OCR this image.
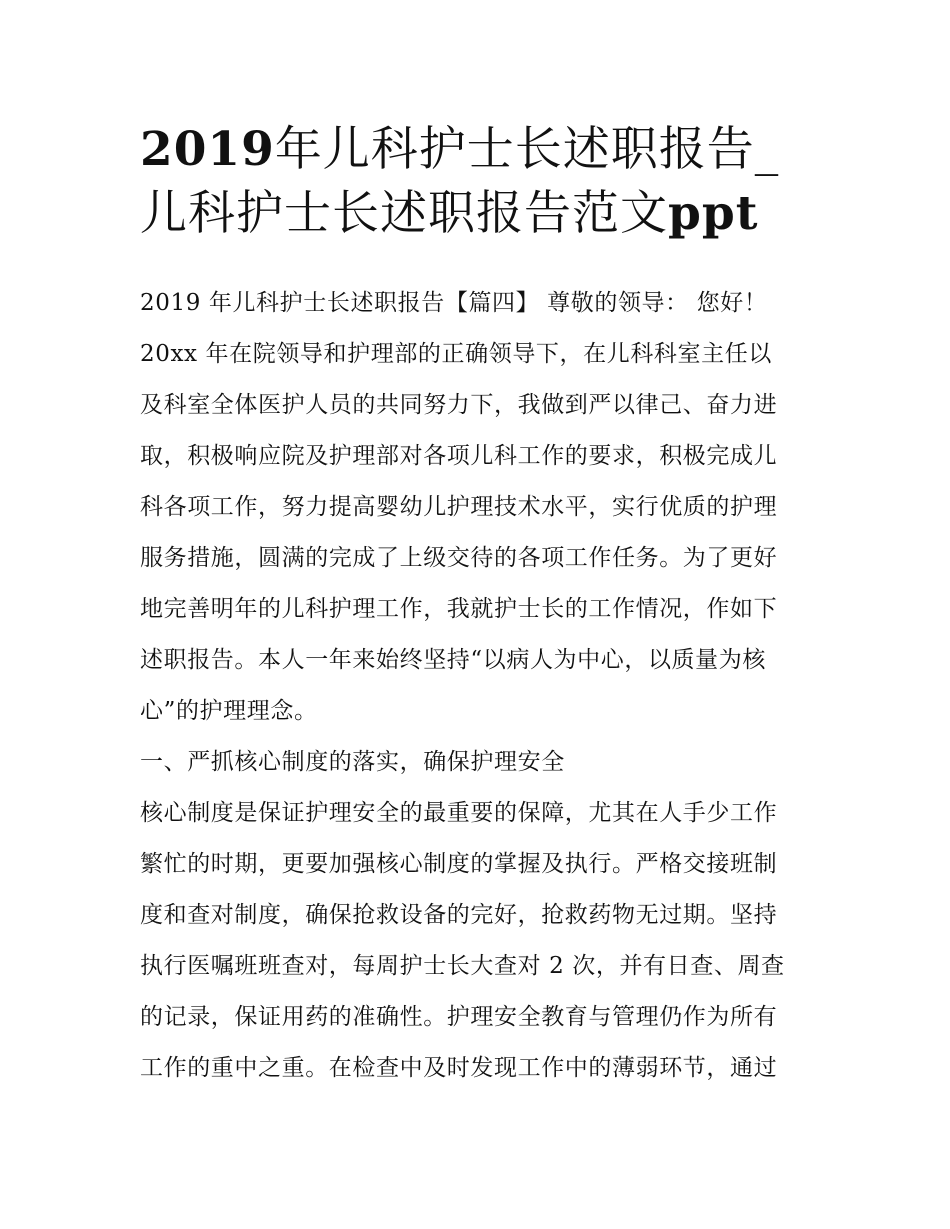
2019年儿科护士长述职报告_
儿科护士长述职报告范文ppt
2019 年儿科护士长述职报告【篇四】 尊敬的领导： 您好！
20xx 年在院领导和护理部的正确领导下，在儿科科室主任以
及科室全体医护人员的共同努力下，我做到严以律己、奋力进
取，积极响应院及护理部对各项儿科工作的要求，积极完成儿
科各项工作，努力提高婴幼儿护理技术水平，实行优质的护理
服务措施，圆满的完成了上级交待的各项工作任务。为了更好
地完善明年的儿科护理工作，我就护士长的工作情况，作如下
述职报告。本人一年来始终坚持“以病人为中心，以质量为核
心”的护理理念。
一、严抓核心制度的落实，确保护理安全
核心制度是保证护理安全的最重要的保障，尤其在人手少工作
繁忙的时期，更要加强核心制度的掌握及执行。严格交接班制
度和查对制度，确保抢救设备的完好，抢救药物无过期。坚持
执行医嘱班班查对，每周护士长大查对 2 次，并有日查、周查
的记录，保证用药的准确性。护理安全教育与管理仍作为所有
工作的重中之重。在检查中及时发现工作中的薄弱环节，通过
